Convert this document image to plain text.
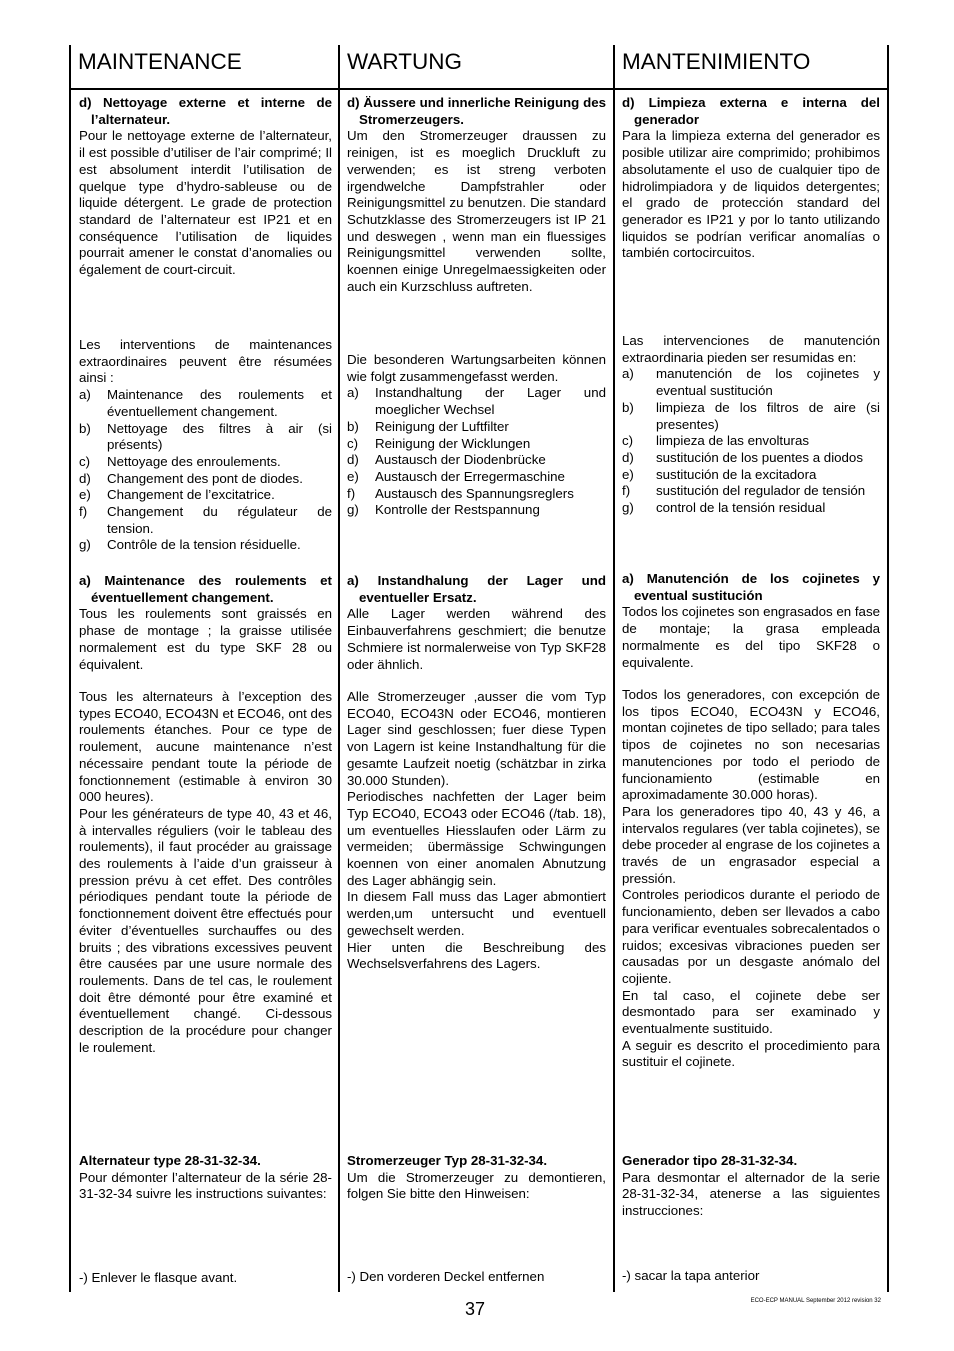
MAINTENANCE	WARTUNG	MANTENIMIENTO

d) Nettoyage externe et interne de l’alternateur.

Pour le nettoyage externe de l’alternateur, il est possible d’utiliser de l’air comprimé; Il est absolument interdit l’utilisation de quelque type d’hydro-sableuse ou de liquide détergent. Le grade de protection standard de l’alternateur est IP21 et en conséquence l’utilisation de liquides pourrait amener le constat d’anomalies ou également de court-circuit.

Les interventions de maintenances extraordinaires peuvent être résumées ainsi :

a)	Maintenance des roulements et éventuellement changement.
b)	Nettoyage des filtres à air (si présents)
c)	Nettoyage des enroulements.
d)	Changement des pont de diodes.
e)	Changement de l’excitatrice.
f)	Changement du régulateur de tension.
g)	Contrôle de la tension résiduelle.

a) Maintenance des roulements et éventuellement changement.

Tous les roulements sont graissés en phase de montage ; la graisse utilisée normalement est du type SKF 28 ou équivalent.

Tous les alternateurs à l’exception des types ECO40, ECO43N et ECO46, ont des roulements étanches. Pour ce type de roulement, aucune maintenance n’est nécessaire pendant toute la période de fonctionnement (estimable à environ 30 000 heures).

Pour les générateurs de type 40, 43 et 46, à intervalles réguliers (voir le tableau des roulements), il faut procéder au graissage des roulements à l’aide d’un graisseur à pression prévu à cet effet. Des contrôles périodiques pendant toute la période de fonctionnement doivent être effectués pour éviter d’éventuelles surchauffes ou des bruits ; des vibrations excessives peuvent être causées par une usure normale des roulements. Dans de tel cas, le roulement doit être démonté pour être examiné et éventuellement changé. Ci-dessous description de la procédure pour changer le roulement.

Alternateur type 28-31-32-34.

Pour démonter l’alternateur de la série 28-31-32-34 suivre les instructions suivantes:

-) Enlever le flasque avant.

d) Äussere und innerliche Reinigung des Stromerzeugers.

Um den Stromerzeuger draussen zu reinigen, ist es moeglich Druckluft zu verwenden; es ist streng verboten irgendwelche Dampfstrahler oder Reinigungsmittel zu benutzen. Die standard Schutzklasse des Stromerzeugers ist IP 21 und deswegen , wenn man ein fluessiges Reinigungsmittel verwenden sollte, koennen einige Unregelmaessigkeiten oder auch ein Kurzschluss auftreten.

Die besonderen Wartungsarbeiten können wie folgt zusammengefasst werden.

a)	Instandhaltung der Lager und moeglicher Wechsel
b)	Reinigung der Luftfilter
c)	Reinigung der Wicklungen
d)	Austausch der Diodenbrücke
e)	Austausch der Erregermaschine
f)	Austausch des Spannungsreglers
g)	Kontrolle der Restspannung

a) Instandhalung der Lager und eventueller Ersatz.

Alle Lager werden während des Einbauverfahrens geschmiert; die benutze Schmiere ist normalerweise von Typ SKF28 oder ähnlich.

Alle Stromerzeuger ,ausser die vom Typ ECO40, ECO43N oder ECO46, montieren Lager sind geschlossen; fuer diese Typen von Lagern ist keine Instandhaltung für die gesamte Laufzeit noetig (schätzbar in zirka 30.000 Stunden).

Periodisches nachfetten der Lager beim Typ ECO40, ECO43 oder ECO46 (/tab. 18), um eventuelles Hiesslaufen oder Lärm zu vermeiden; übermässige Schwingungen koennen von einer anomalen Abnutzung des Lager abhängig sein.

In diesem Fall muss das Lager abmontiert werden,um untersucht und eventuell gewechselt werden.

Hier unten die Beschreibung des Wechselsverfahrens des Lagers.

Stromerzeuger Typ 28-31-32-34.

Um die Stromerzeuger zu demontieren, folgen Sie bitte den Hinweisen:

-) Den vorderen Deckel entfernen

d) Limpieza externa e interna del generador

Para la limpieza externa del generador es posible utilizar aire comprimido; prohibimos absolutamente el uso de cualquier tipo de hidrolimpiadora y de liquidos detergentes; el grado de protección standard del generador es IP21 y por lo tanto utilizando liquidos se podrían verificar anomalías o también cortocircuitos.

Las intervenciones de manutención extraordinaria pieden ser resumidas en:

a)	manutención de los cojinetes y eventual sustitución
b)	limpieza de los filtros de aire (si presentes)
c)	limpieza de las envolturas
d)	sustitución de los puentes a diodos
e)	sustitución de la excitadora
f)	sustitución del regulador de tensión
g)	control de la tensión residual

a) Manutención de los cojinetes y eventual sustitución

Todos los cojinetes son engrasados en fase de montaje; la grasa empleada normalmente es del tipo SKF28 o equivalente.

Todos los generadores, con excepción de los tipos ECO40, ECO43N y ECO46, montan cojinetes de tipo sellado; para tales tipos de cojinetes no son necesarias manutenciones por todo el periodo de funcionamiento (estimable en aproximadamente 30.000 horas).

Para los generadores tipo 40, 43 y 46, a intervalos regulares (ver tabla cojinetes), se debe proceder al engrase de los cojinetes a través de un engrasador especial a pressión.

Controles periodicos durante el periodo de funcionamiento, deben ser llevados a cabo para verificar eventuales sobrecalentados o ruidos; excesivas vibraciones pueden ser causadas por un desgaste anómalo del cojiente.

En tal caso, el cojinete debe ser desmontado para ser examinado y eventualmente sustituido.

A seguir es descrito el procedimiento para sustituir el cojinete.

Generador tipo 28-31-32-34.

Para desmontar el alternador de la serie 28-31-32-34, atenerse a las siguientes instrucciones:

-) sacar la tapa anterior

37	ECO-ECP MANUAL September 2012 revision 32
